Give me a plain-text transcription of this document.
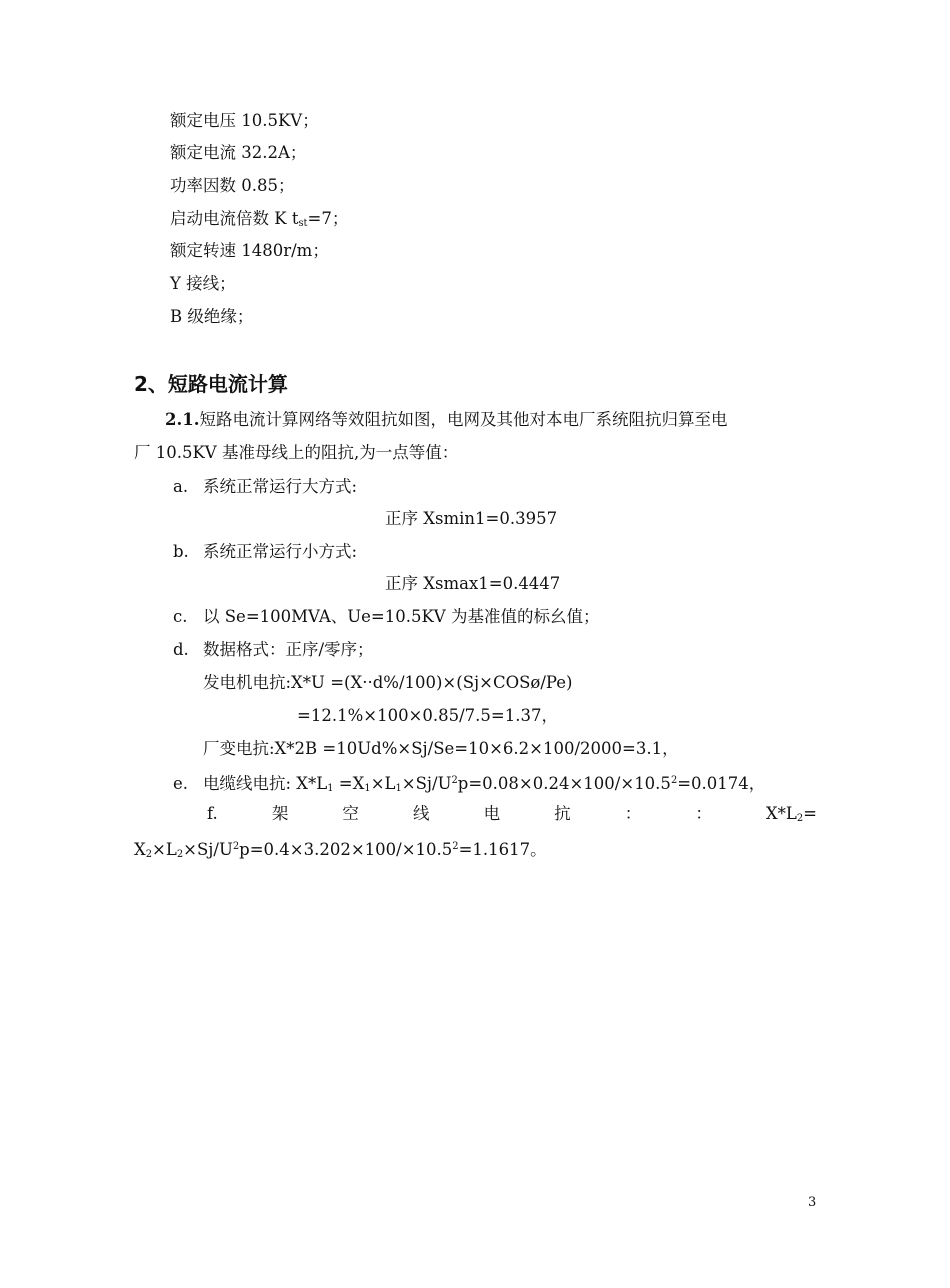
额定电压 10.5KV；
额定电流 32.2A；
功率因数 0.85；
启动电流倍数 K $t_{st}=7$；
额定转速 1480r/m；
Y 接线；
B 级绝缘；
2、短路电流计算
2.1.短路电流计算网络等效阻抗如图，电网及其他对本电厂系统阻抗归算至电
厂 10.5KV 基准母线上的阻抗,为一点等值：
a. 系统正常运行大方式:
正序 Xsmin1=0.3957
b. 系统正常运行小方式:
正序 Xsmax1=0.4447
c. 以 Se=100MVA、Ue=10.5KV 为基准值的标幺值；
d. 数据格式：正序/零序；
发电机电抗:X*U =(X··d%/100)×(Sj×COSø/Pe)
=12.1%×100×0.85/7.5=1.37，
厂变电抗:X*2B =10Ud%×Sj/Se=10×6.2×100/2000=3.1，
e. 电缆线电抗: $X*L_1 =X_1\times L_1\times Sj/U^2p=0.08\times 0.24\times 100/\times 10.5^2=0.0174$，
f.	架	空	线	电	抗	：	：	$X*L_2=$
$X_2\times L_2\times Sj/U^2p=0.4\times 3.202\times 100/\times 10.5^2=1.1617$。
3
